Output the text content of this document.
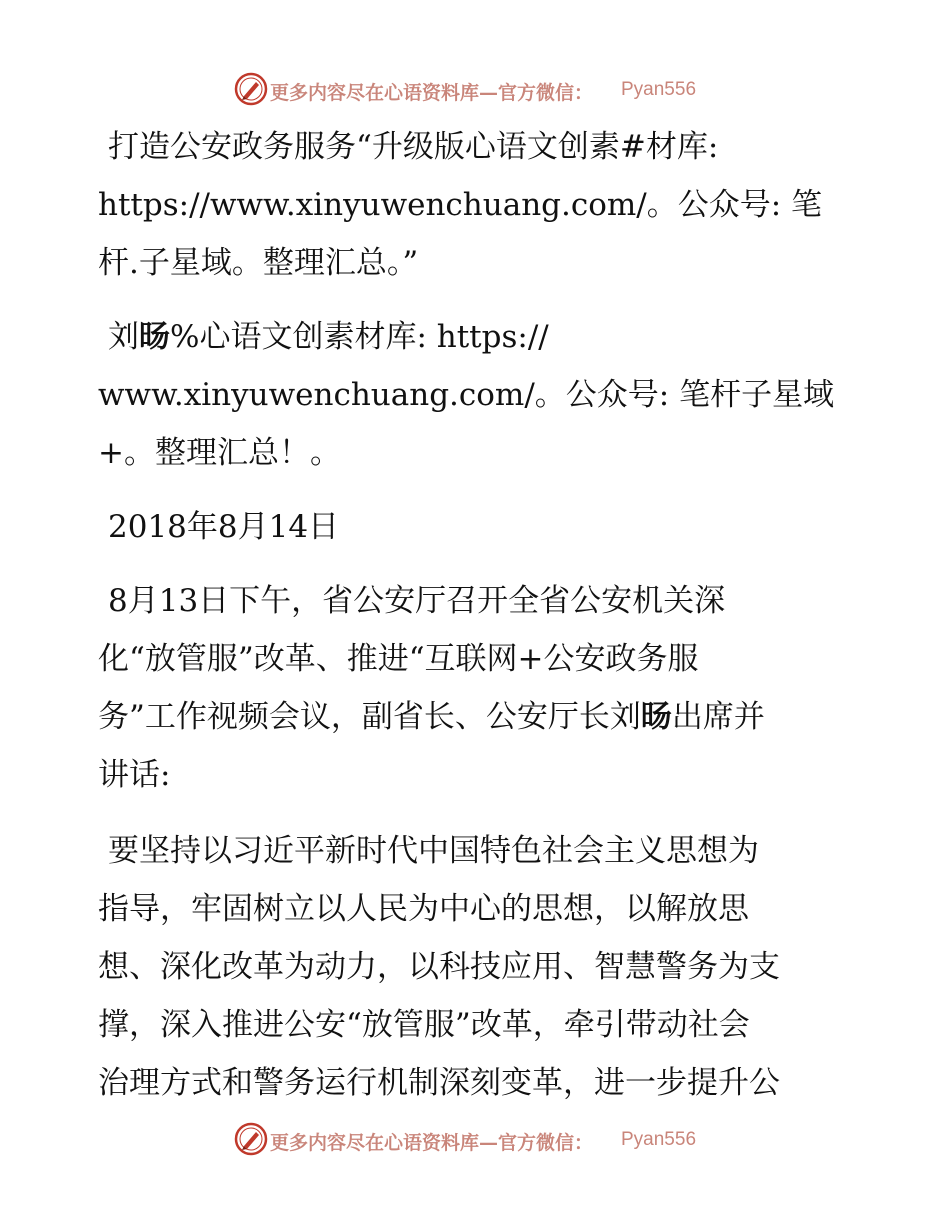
更多内容尽在心语资料库—官方微信： Pyan556
打造公安政务服务“升级版心语文创素#材库:
https://www.xinyuwenchuang.com/。公众号: 笔
杆.子星域。整理汇总。”
刘旸%心语文创素材库: https://
www.xinyuwenchuang.com/。公众号: 笔杆子星域
+。整理汇总！。
2018年8月14日
8月13日下午，省公安厅召开全省公安机关深
化“放管服”改革、推进“互联网+公安政务服
务”工作视频会议，副省长、公安厅长刘旸出席并
讲话:
要坚持以习近平新时代中国特色社会主义思想为
指导，牢固树立以人民为中心的思想，以解放思
想、深化改革为动力，以科技应用、智慧警务为支
撑，深入推进公安“放管服”改革，牵引带动社会
治理方式和警务运行机制深刻变革，进一步提升公
更多内容尽在心语资料库—官方微信： Pyan556
